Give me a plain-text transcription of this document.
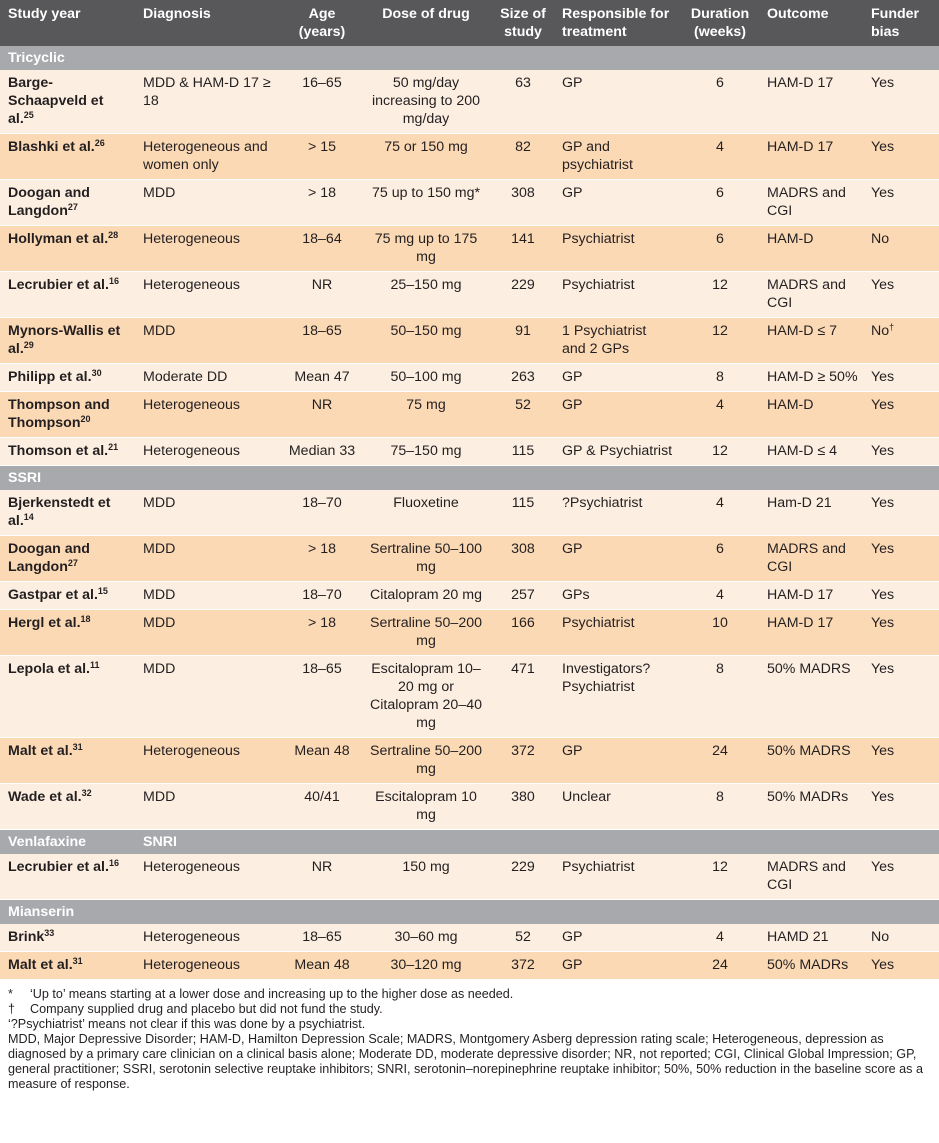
Study year	Diagnosis	Age (years)	Dose of drug	Size of study	Responsible for treatment	Duration (weeks)	Outcome	Funder bias
Tricyclic								
Barge-Schaapveld et al.$^{25}$	MDD & HAM-D 17 ≥ 18	16–65	50 mg/day increasing to 200 mg/day	63	GP	6	HAM-D 17	Yes
Blashki et al.$^{26}$	Heterogeneous and women only	> 15	75 or 150 mg	82	GP and psychiatrist	4	HAM-D 17	Yes
Doogan and Langdon$^{27}$	MDD	> 18	75 up to 150 mg*	308	GP	6	MADRS and CGI	Yes
Hollyman et al.$^{28}$	Heterogeneous	18–64	75 mg up to 175 mg	141	Psychiatrist	6	HAM-D	No
Lecrubier et al.$^{16}$	Heterogeneous	NR	25–150 mg	229	Psychiatrist	12	MADRS and CGI	Yes
Mynors-Wallis et al.$^{29}$	MDD	18–65	50–150 mg	91	1 Psychiatrist and 2 GPs	12	HAM-D ≤ 7	No†
Philipp et al.$^{30}$	Moderate DD	Mean 47	50–100 mg	263	GP	8	HAM-D ≥ 50%	Yes
Thompson and Thompson$^{20}$	Heterogeneous	NR	75 mg	52	GP	4	HAM-D	Yes
Thomson et al.$^{21}$	Heterogeneous	Median 33	75–150 mg	115	GP & Psychiatrist	12	HAM-D ≤ 4	Yes
SSRI								
Bjerkenstedt et al.$^{14}$	MDD	18–70	Fluoxetine	115	?Psychiatrist	4	Ham-D 21	Yes
Doogan and Langdon$^{27}$	MDD	> 18	Sertraline 50–100 mg	308	GP	6	MADRS and CGI	Yes
Gastpar et al.$^{15}$	MDD	18–70	Citalopram 20 mg	257	GPs	4	HAM-D 17	Yes
Hergl et al.$^{18}$	MDD	> 18	Sertraline 50–200 mg	166	Psychiatrist	10	HAM-D 17	Yes
Lepola et al.$^{11}$	MDD	18–65	Escitalopram 10–20 mg or Citalopram 20–40 mg	471	Investigators? Psychiatrist	8	50% MADRS	Yes
Malt et al.$^{31}$	Heterogeneous	Mean 48	Sertraline 50–200 mg	372	GP	24	50% MADRS	Yes
Wade et al.$^{32}$	MDD	40/41	Escitalopram 10 mg	380	Unclear	8	50% MADRs	Yes
Venlafaxine	SNRI							
Lecrubier et al.$^{16}$	Heterogeneous	NR	150 mg	229	Psychiatrist	12	MADRS and CGI	Yes
Mianserin								
Brink$^{33}$	Heterogeneous	18–65	30–60 mg	52	GP	4	HAMD 21	No
Malt et al.$^{31}$	Heterogeneous	Mean 48	30–120 mg	372	GP	24	50% MADRs	Yes
* ‘Up to’ means starting at a lower dose and increasing up to the higher dose as needed.
† Company supplied drug and placebo but did not fund the study.
‘?Psychiatrist’ means not clear if this was done by a psychiatrist.
MDD, Major Depressive Disorder; HAM-D, Hamilton Depression Scale; MADRS, Montgomery Asberg depression rating scale; Heterogeneous, depression as diagnosed by a primary care clinician on a clinical basis alone; Moderate DD, moderate depressive disorder; NR, not reported; CGI, Clinical Global Impression; GP, general practitioner; SSRI, serotonin selective reuptake inhibitors; SNRI, serotonin–norepinephrine reuptake inhibitor; 50%, 50% reduction in the baseline score as a measure of response.
